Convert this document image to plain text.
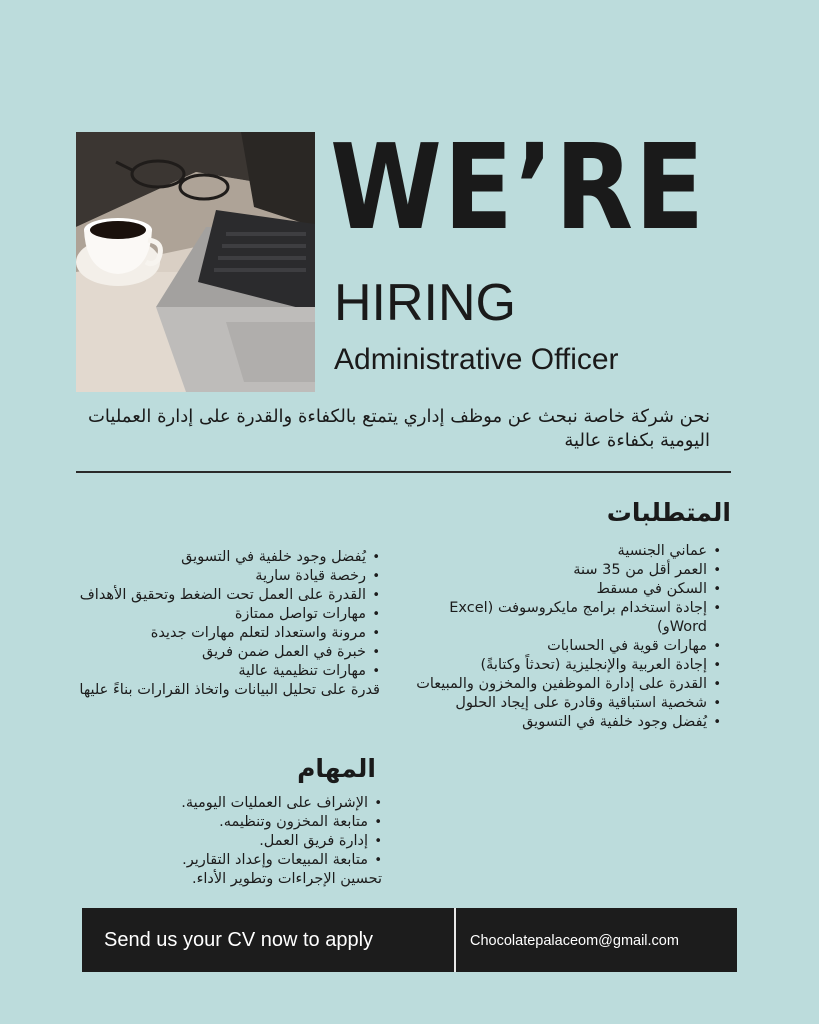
WE’RE
HIRING
Administrative Officer
نحن شركة خاصة نبحث عن موظف إداري يتمتع بالكفاءة والقدرة على إدارة العمليات اليومية بكفاءة عالية
المتطلبات
• عماني الجنسية
• العمر أقل من 35 سنة
• السكن في مسقط
• إجادة استخدام برامج مايكروسوفت (Excel Wordو)
• مهارات قوية في الحسابات
• إجادة العربية والإنجليزية (تحدثاً وكتابةً)
• القدرة على إدارة الموظفين والمخزون والمبيعات
• شخصية استباقية وقادرة على إيجاد الحلول
• يُفضل وجود خلفية في التسويق
• يُفضل وجود خلفية في التسويق
• رخصة قيادة سارية
• القدرة على العمل تحت الضغط وتحقيق الأهداف
• مهارات تواصل ممتازة
• مرونة واستعداد لتعلم مهارات جديدة
• خبرة في العمل ضمن فريق
• مهارات تنظيمية عالية
قدرة على تحليل البيانات واتخاذ القرارات بناءً عليها
المهام
• الإشراف على العمليات اليومية.
• متابعة المخزون وتنظيمه.
• إدارة فريق العمل.
• متابعة المبيعات وإعداد التقارير.
تحسين الإجراءات وتطوير الأداء.
Send us your CV now to apply	Chocolatepalaceom@gmail.com
